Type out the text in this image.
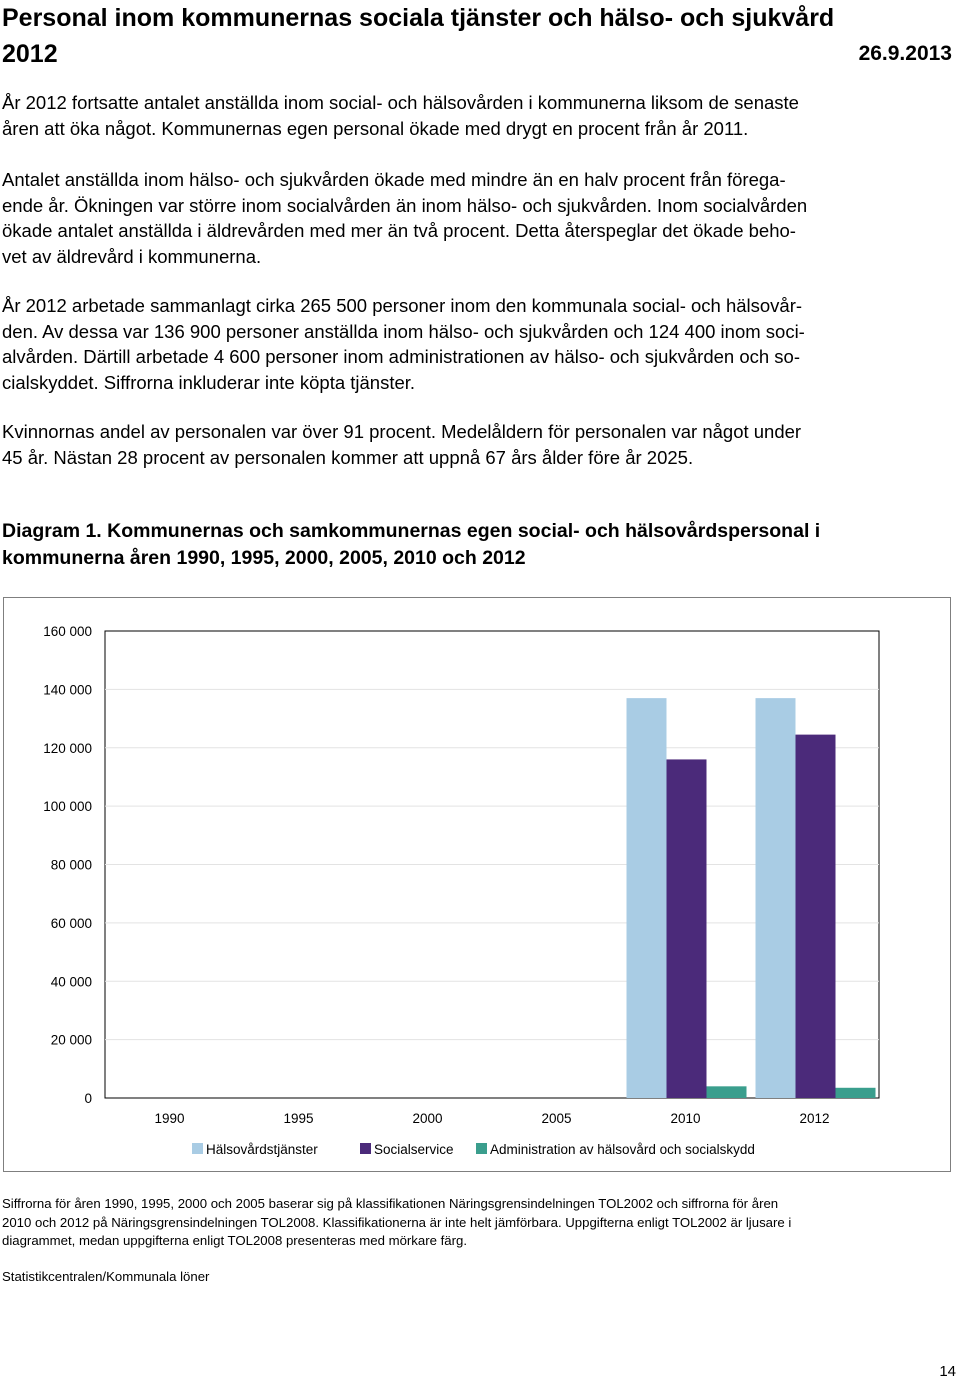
Personal inom kommunernas sociala tjänster och hälso- och sjukvård
2012	26.9.2013
År 2012 fortsatte antalet anställda inom social- och hälsovården i kommunerna liksom de senaste
åren att öka något. Kommunernas egen personal ökade med drygt en procent från år 2011.
Antalet anställda inom hälso- och sjukvården ökade med mindre än en halv procent från förega-
ende år. Ökningen var större inom socialvården än inom hälso- och sjukvården. Inom socialvården
ökade antalet anställda i äldrevården med mer än två procent. Detta återspeglar det ökade beho-
vet av äldrevård i kommunerna.
År 2012 arbetade sammanlagt cirka 265 500 personer inom den kommunala social- och hälsovår-
den. Av dessa var 136 900 personer anställda inom hälso- och sjukvården och 124 400 inom soci-
alvården. Därtill arbetade 4 600 personer inom administrationen av hälso- och sjukvården och so-
cialskyddet. Siffrorna inkluderar inte köpta tjänster.
Kvinnornas andel av personalen var över 91 procent. Medelåldern för personalen var något under
45 år. Nästan 28 procent av personalen kommer att uppnå 67 års ålder före år 2025.
Diagram 1. Kommunernas och samkommunernas egen social- och hälsovårdspersonal i
kommunerna åren 1990, 1995, 2000, 2005, 2010 och 2012
0
20 000
40 000
60 000
80 000
100 000
120 000
140 000
160 000
1990	1995	2000	2005	2010	2012
Hälsovårdstjänster	Socialservice	Administration av hälsovård och socialskydd
Siffrorna för åren 1990, 1995, 2000 och 2005 baserar sig på klassifikationen Näringsgrensindelningen TOL2002 och siffrorna för åren
2010 och 2012 på Näringsgrensindelningen TOL2008. Klassifikationerna är inte helt jämförbara. Uppgifterna enligt TOL2002 är ljusare i
diagrammet, medan uppgifterna enligt TOL2008 presenteras med mörkare färg.
Statistikcentralen/Kommunala löner
14
